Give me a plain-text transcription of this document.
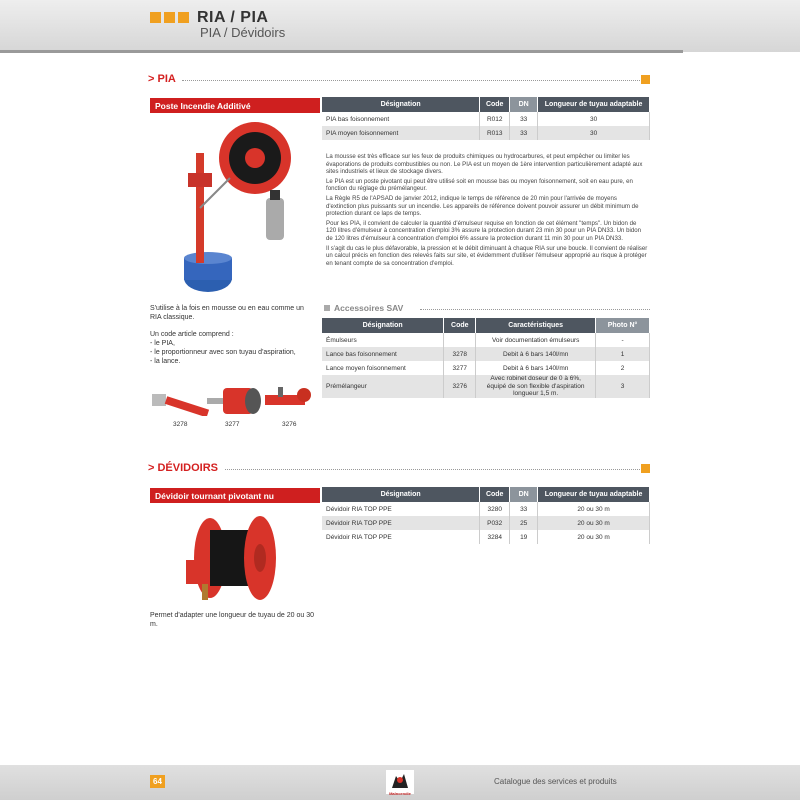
RIA / PIA
PIA / Dévidoirs
> PIA
Poste Incendie Additivé	Désignation	Code	DN	Longueur de tuyau adaptable
PIA bas foisonnement	R012	33	30
PIA moyen foisonnement	R013	33	30

La mousse est très efficace sur les feux de produits chimiques ou hydrocarbures, et peut empêcher ou limiter les évaporations de produits combustibles ou non. Le PIA est un moyen de 1ère intervention particulièrement adapté aux sites industriels et lieux de stockage divers.

Le PIA est un poste pivotant qui peut être utilisé soit en mousse bas ou moyen foisonnement, soit en eau pure, en fonction du réglage du prémélangeur.

La Règle R5 de l'APSAD de janvier 2012, indique le temps de référence de 20 min pour l'arrivée de moyens d'extinction plus puissants sur un incendie. Les appareils de référence doivent pouvoir assurer un débit minimum de protection durant ce laps de temps.

Pour les PIA, il convient de calculer la quantité d'émulseur requise en fonction de cet élément "temps". Un bidon de 120 litres d'émulseur à concentration d'emploi 3% assure la protection durant 23 min 30 pour un PIA DN33. Un bidon de 120 litres d'émulseur à concentration d'emploi 6% assure la protection durant 11 min 30 pour un PIA DN33.

Il s'agit du cas le plus défavorable, la pression et le débit diminuant à chaque RIA sur une boucle. Il convient de réaliser un calcul précis en fonction des relevés faits sur site, et évidemment d'utiliser l'émulseur approprié au risque à protéger en tenant compte de sa concentration d'emploi.

S'utilise à la fois en mousse ou en eau comme un RIA classique.
Un code article comprend :
- le PIA,
- le proportionneur avec son tuyau d'aspiration,
- la lance.
3278	3277	3276
Accessoires SAV
Désignation	Code	Caractéristiques	Photo N°
Émulseurs		Voir documentation émulseurs	-
Lance bas foisonnement	3278	Debit à 6 bars 140l/mn	1
Lance moyen foisonnement	3277	Debit à 6 bars 140l/mn	2
Prémélangeur	3276	Avec robinet doseur de 0 à 6%, équipé de son flexible d'aspiration longueur 1,5 m.	3
> DÉVIDOIRS
Dévidoir tournant pivotant nu	Désignation	Code	DN	Longueur de tuyau adaptable
Dévidoir RIA TOP PPE	3280	33	20 ou 30 m
Dévidoir RIA TOP PPE	P032	25	20 ou 30 m
Dévidoir RIA TOP PPE	3284	19	20 ou 30 m
Permet d'adapter une longueur de tuyau de 20 ou 30 m.
64
MaIncendie
Catalogue des services et produits
